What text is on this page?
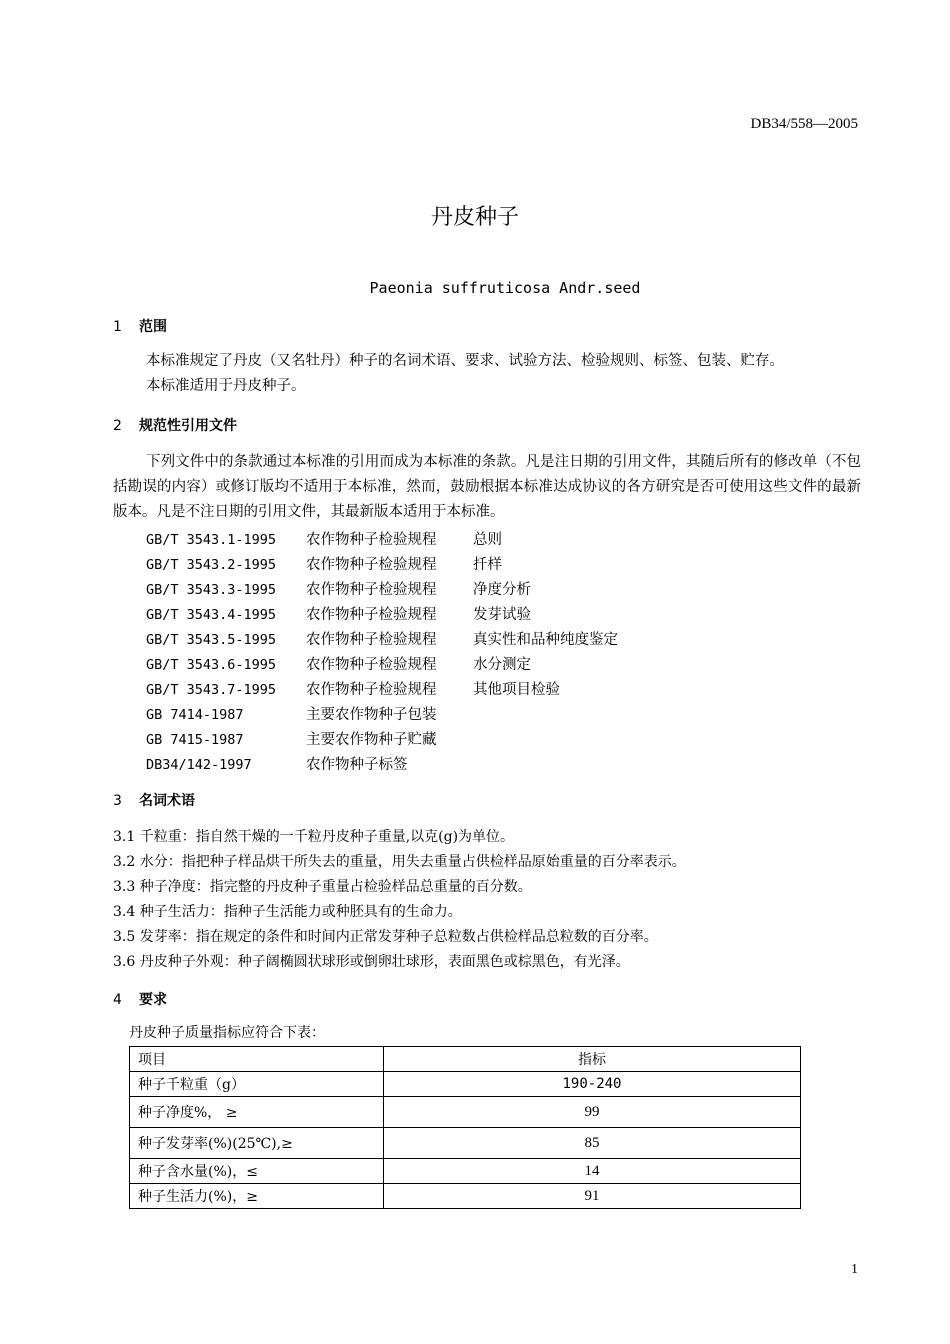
DB34/558—2005
丹皮种子
Paeonia suffruticosa Andr.seed
1 范围
本标准规定了丹皮（又名牡丹）种子的名词术语、要求、试验方法、检验规则、标签、包装、贮存。
本标准适用于丹皮种子。
2 规范性引用文件
下列文件中的条款通过本标准的引用而成为本标准的条款。凡是注日期的引用文件，其随后所有的修改单（不包括勘误的内容）或修订版均不适用于本标准，然而，鼓励根据本标准达成协议的各方研究是否可使用这些文件的最新版本。凡是不注日期的引用文件，其最新版本适用于本标准。
GB/T 3543.1-1995 农作物种子检验规程	总则
GB/T 3543.2-1995 农作物种子检验规程	扦样
GB/T 3543.3-1995 农作物种子检验规程	净度分析
GB/T 3543.4-1995 农作物种子检验规程	发芽试验
GB/T 3543.5-1995 农作物种子检验规程	真实性和品种纯度鉴定
GB/T 3543.6-1995 农作物种子检验规程	水分测定
GB/T 3543.7-1995 农作物种子检验规程	其他项目检验
GB 7414-1987	主要农作物种子包装
GB 7415-1987	主要农作物种子贮藏
DB34/142-1997	农作物种子标签
3 名词术语
3.1 千粒重：指自然干燥的一千粒丹皮种子重量,以克(g)为单位。
3.2 水分：指把种子样品烘干所失去的重量，用失去重量占供检样品原始重量的百分率表示。
3.3 种子净度：指完整的丹皮种子重量占检验样品总重量的百分数。
3.4 种子生活力：指种子生活能力或种胚具有的生命力。
3.5 发芽率：指在规定的条件和时间内正常发芽种子总粒数占供检样品总粒数的百分率。
3.6 丹皮种子外观：种子阔椭圆状球形或倒卵壮球形，表面黑色或棕黑色，有光泽。
4 要求
丹皮种子质量指标应符合下表：
项目	指标
种子千粒重（g）	190-240
种子净度%， ≥	99
种子发芽率(%)(25℃),≥	85
种子含水量(%)，≤	14
种子生活力(%)，≥	91
1
